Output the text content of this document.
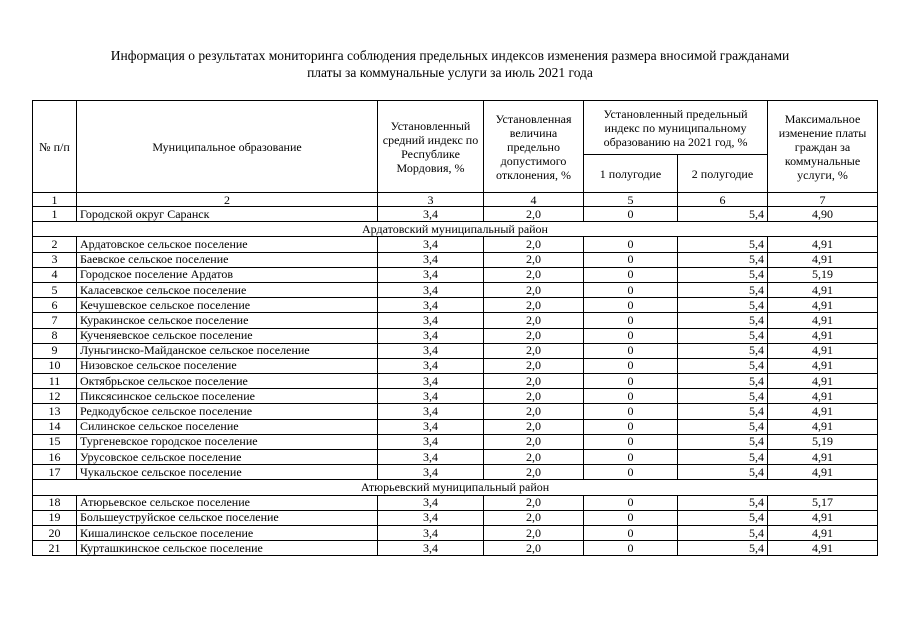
Информация о результатах мониторинга соблюдения предельных индексов изменения размера вносимой гражданами
платы за коммунальные услуги за июль 2021 года
№ п/п	Муниципальное образование	Установленный средний индекс по Республике Мордовия, %	Установленная величина предельно допустимого отклонения, %	Установленный предельный индекс по муниципальному образованию на 2021 год, %		Максимальное изменение платы граждан за коммунальные услуги, %
				1 полугодие	2 полугодие	
1	2	3	4	5	6	7
1	Городской округ Саранск	3,4	2,0	0	5,4	4,90
Ардатовский муниципальный район						
2	Ардатовское сельское поселение	3,4	2,0	0	5,4	4,91
3	Баевское сельское поселение	3,4	2,0	0	5,4	4,91
4	Городское поселение Ардатов	3,4	2,0	0	5,4	5,19
5	Каласевское сельское поселение	3,4	2,0	0	5,4	4,91
6	Кечушевское сельское поселение	3,4	2,0	0	5,4	4,91
7	Куракинское сельское поселение	3,4	2,0	0	5,4	4,91
8	Кученяевское сельское поселение	3,4	2,0	0	5,4	4,91
9	Луньгинско-Майданское сельское поселение	3,4	2,0	0	5,4	4,91
10	Низовское сельское поселение	3,4	2,0	0	5,4	4,91
11	Октябрьское сельское поселение	3,4	2,0	0	5,4	4,91
12	Пиксясинское сельское поселение	3,4	2,0	0	5,4	4,91
13	Редкодубское сельское поселение	3,4	2,0	0	5,4	4,91
14	Силинское сельское поселение	3,4	2,0	0	5,4	4,91
15	Тургеневское городское поселение	3,4	2,0	0	5,4	5,19
16	Урусовское сельское поселение	3,4	2,0	0	5,4	4,91
17	Чукальское сельское поселение	3,4	2,0	0	5,4	4,91
Атюрьевский муниципальный район						
18	Атюрьевское сельское поселение	3,4	2,0	0	5,4	5,17
19	Большеуструйское сельское поселение	3,4	2,0	0	5,4	4,91
20	Кишалинское сельское поселение	3,4	2,0	0	5,4	4,91
21	Курташкинское сельское поселение	3,4	2,0	0	5,4	4,91
